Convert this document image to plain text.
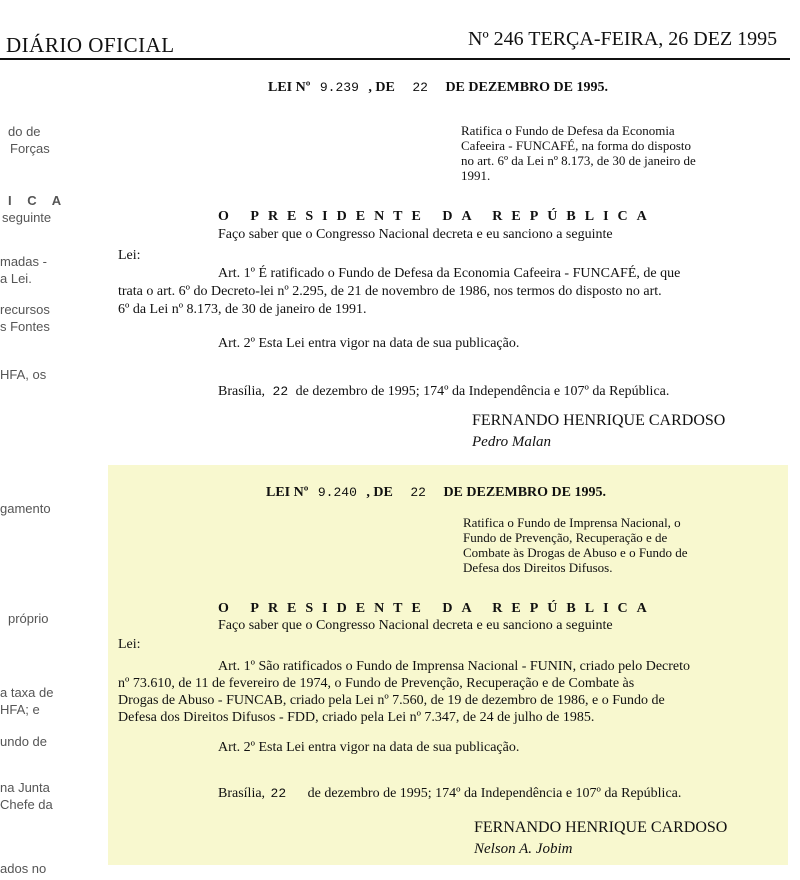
DIÁRIO OFICIAL	Nº 246 TERÇA-FEIRA, 26 DEZ 1995
do de
Forças
I C A
seguinte
madas -
a Lei.
recursos
s Fontes
HFA, os
gamento
próprio
a taxa de
HFA; e
undo de
na Junta
Chefe da
ados no
LEI Nº 9.239 , DE 22 DE DEZEMBRO DE 1995.
Ratifica o Fundo de Defesa da Economia
Cafeeira - FUNCAFÉ, na forma do disposto
no art. 6º da Lei nº 8.173, de 30 de janeiro de
1991.
O PRESIDENTE DA REPÚBLICA
Faço saber que o Congresso Nacional decreta e eu sanciono a seguinte
Lei:
Art. 1º É ratificado o Fundo de Defesa da Economia Cafeeira - FUNCAFÉ, de que
trata o art. 6º do Decreto-lei nº 2.295, de 21 de novembro de 1986, nos termos do disposto no art.
6º da Lei nº 8.173, de 30 de janeiro de 1991.
Art. 2º Esta Lei entra vigor na data de sua publicação.
Brasília, 22 de dezembro de 1995; 174º da Independência e 107º da República.
FERNANDO HENRIQUE CARDOSO
Pedro Malan
LEI Nº 9.240 , DE 22 DE DEZEMBRO DE 1995.
Ratifica o Fundo de Imprensa Nacional, o
Fundo de Prevenção, Recuperação e de
Combate às Drogas de Abuso e o Fundo de
Defesa dos Direitos Difusos.
O PRESIDENTE DA REPÚBLICA
Faço saber que o Congresso Nacional decreta e eu sanciono a seguinte
Lei:
Art. 1º São ratificados o Fundo de Imprensa Nacional - FUNIN, criado pelo Decreto
nº 73.610, de 11 de fevereiro de 1974, o Fundo de Prevenção, Recuperação e de Combate às
Drogas de Abuso - FUNCAB, criado pela Lei nº 7.560, de 19 de dezembro de 1986, e o Fundo de
Defesa dos Direitos Difusos - FDD, criado pela Lei nº 7.347, de 24 de julho de 1985.
Art. 2º Esta Lei entra vigor na data de sua publicação.
Brasília, 22 de dezembro de 1995; 174º da Independência e 107º da República.
FERNANDO HENRIQUE CARDOSO
Nelson A. Jobim
